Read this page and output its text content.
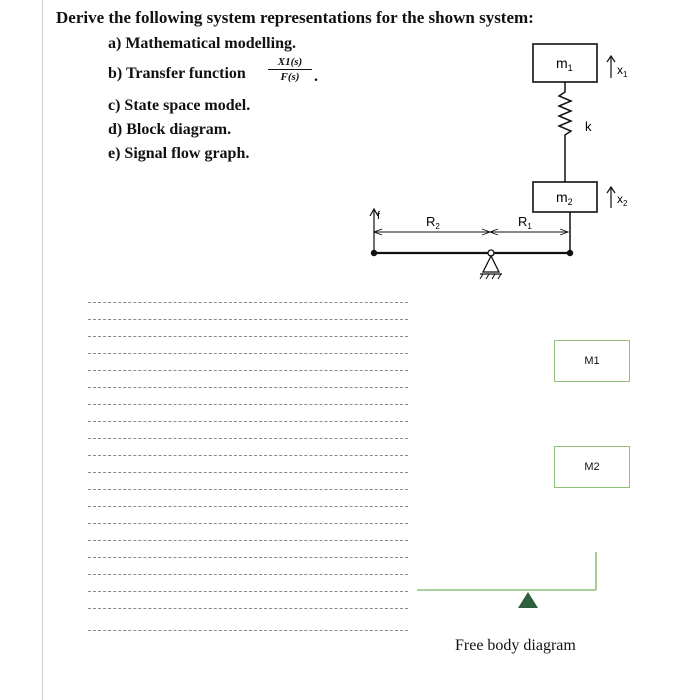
Derive the following system representations for the shown system:
a) Mathematical modelling.
b) Transfer function $\frac{X1(s)}{F(s)}$ .
c) State space model.
d) Block diagram.
e) Signal flow graph.
$m_1$	$x_1$
k
$m_2$	$x_2$
f	$R_2$	$R_1$
M1
M2
Free body diagram
